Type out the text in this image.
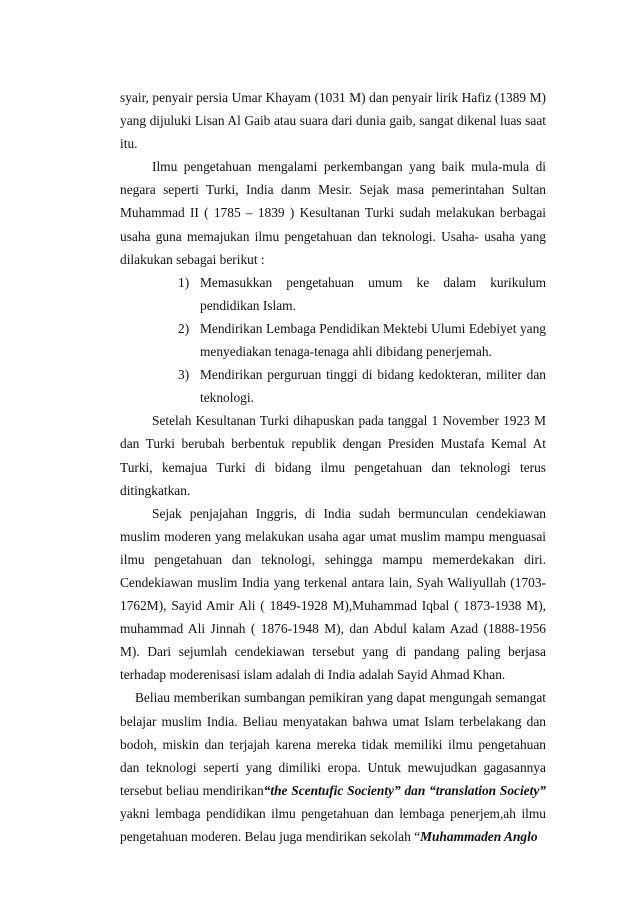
syair, penyair persia Umar Khayam (1031 M) dan penyair lirik Hafiz (1389 M) yang dijuluki Lisan Al Gaib atau suara dari dunia gaib, sangat dikenal luas saat itu.

Ilmu pengetahuan mengalami perkembangan yang baik mula-mula di negara seperti Turki, India danm Mesir. Sejak masa pemerintahan Sultan Muhammad II ( 1785 – 1839 ) Kesultanan Turki sudah melakukan berbagai usaha guna memajukan ilmu pengetahuan dan teknologi. Usaha- usaha yang dilakukan sebagai berikut :

1) Memasukkan pengetahuan umum ke dalam kurikulum pendidikan Islam.
2) Mendirikan Lembaga Pendidikan Mektebi Ulumi Edebiyet yang menyediakan tenaga-tenaga ahli dibidang penerjemah.
3) Mendirikan perguruan tinggi di bidang kedokteran, militer dan teknologi.

Setelah Kesultanan Turki dihapuskan pada tanggal 1 November 1923 M dan Turki berubah berbentuk republik dengan Presiden Mustafa Kemal At Turki, kemajua Turki di bidang ilmu pengetahuan dan teknologi terus ditingkatkan.

Sejak penjajahan Inggris, di India sudah bermunculan cendekiawan muslim moderen yang melakukan usaha agar umat muslim mampu menguasai ilmu pengetahuan dan teknologi, sehingga mampu memerdekakan diri. Cendekiawan muslim India yang terkenal antara lain, Syah Waliyullah (1703-1762M), Sayid Amir Ali ( 1849-1928 M),Muhammad Iqbal ( 1873-1938 M), muhammad Ali Jinnah ( 1876-1948 M), dan Abdul kalam Azad (1888-1956 M). Dari sejumlah cendekiawan tersebut yang di pandang paling berjasa terhadap moderenisasi islam adalah di India adalah Sayid Ahmad Khan.

Beliau memberikan sumbangan pemikiran yang dapat mengungah semangat belajar muslim India. Beliau menyatakan bahwa umat Islam terbelakang dan bodoh, miskin dan terjajah karena mereka tidak memiliki ilmu pengetahuan dan teknologi seperti yang dimiliki eropa. Untuk mewujudkan gagasannya tersebut beliau mendirikan“the Scentufic Socienty” dan “translation Society” yakni lembaga pendidikan ilmu pengetahuan dan lembaga penerjem,ah ilmu pengetahuan moderen. Belau juga mendirikan sekolah “Muhammaden Anglo
